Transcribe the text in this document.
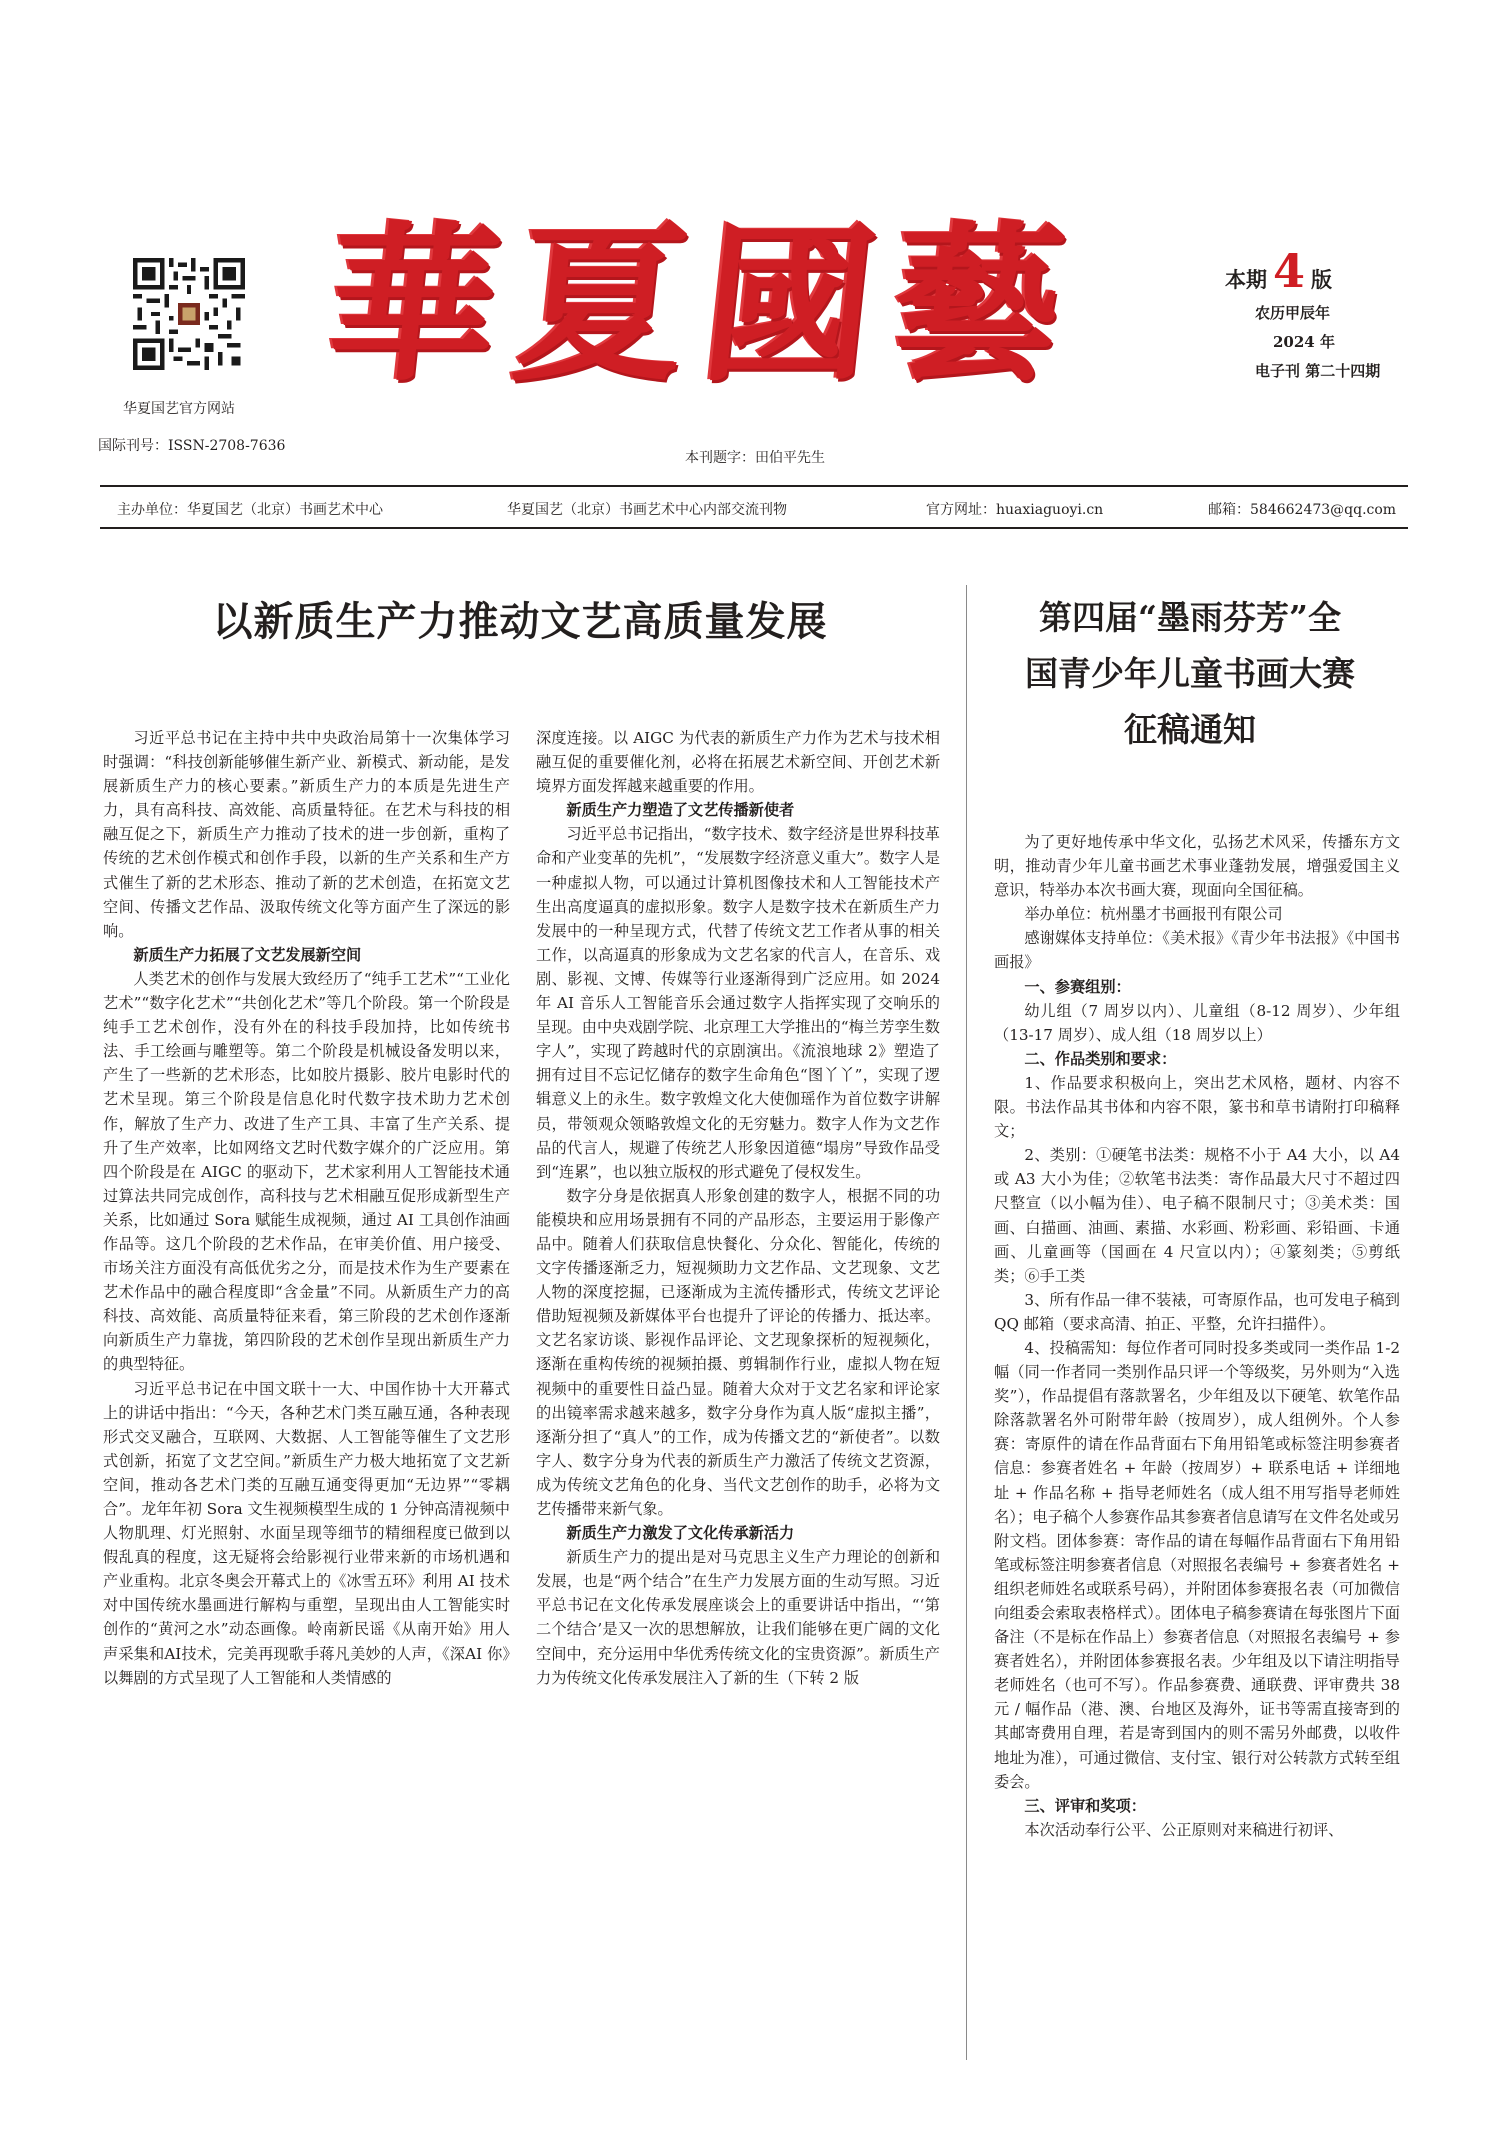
华夏国艺官方网站
国际刊号：ISSN-2708-7636
華夏國藝
本刊题字：田伯平先生
本期 4 版
农历甲辰年
2024 年
电子刊 第二十四期
主办单位：华夏国艺（北京）书画艺术中心	华夏国艺（北京）书画艺术中心内部交流刊物	官方网址：huaxiaguoyi.cn	邮箱：584662473@qq.com
以新质生产力推动文艺高质量发展

习近平总书记在主持中共中央政治局第十一次集体学习时强调：“科技创新能够催生新产业、新模式、新动能，是发展新质生产力的核心要素。”新质生产力的本质是先进生产力，具有高科技、高效能、高质量特征。在艺术与科技的相融互促之下，新质生产力推动了技术的进一步创新，重构了传统的艺术创作模式和创作手段，以新的生产关系和生产方式催生了新的艺术形态、推动了新的艺术创造，在拓宽文艺空间、传播文艺作品、汲取传统文化等方面产生了深远的影响。

新质生产力拓展了文艺发展新空间

人类艺术的创作与发展大致经历了“纯手工艺术”“工业化艺术”“数字化艺术”“共创化艺术”等几个阶段。第一个阶段是纯手工艺术创作，没有外在的科技手段加持，比如传统书法、手工绘画与雕塑等。第二个阶段是机械设备发明以来，产生了一些新的艺术形态，比如胶片摄影、胶片电影时代的艺术呈现。第三个阶段是信息化时代数字技术助力艺术创作，解放了生产力、改进了生产工具、丰富了生产关系、提升了生产效率，比如网络文艺时代数字媒介的广泛应用。第四个阶段是在 AIGC 的驱动下，艺术家利用人工智能技术通过算法共同完成创作，高科技与艺术相融互促形成新型生产关系，比如通过 Sora 赋能生成视频，通过 AI 工具创作油画作品等。这几个阶段的艺术作品，在审美价值、用户接受、市场关注方面没有高低优劣之分，而是技术作为生产要素在艺术作品中的融合程度即“含金量”不同。从新质生产力的高科技、高效能、高质量特征来看，第三阶段的艺术创作逐渐向新质生产力靠拢，第四阶段的艺术创作呈现出新质生产力的典型特征。

习近平总书记在中国文联十一大、中国作协十大开幕式上的讲话中指出：“今天，各种艺术门类互融互通，各种表现形式交叉融合，互联网、大数据、人工智能等催生了文艺形式创新，拓宽了文艺空间。”新质生产力极大地拓宽了文艺新空间，推动各艺术门类的互融互通变得更加“无边界”“零耦合”。龙年年初 Sora 文生视频模型生成的 1 分钟高清视频中人物肌理、灯光照射、水面呈现等细节的精细程度已做到以假乱真的程度，这无疑将会给影视行业带来新的市场机遇和产业重构。北京冬奥会开幕式上的《冰雪五环》利用 AI 技术对中国传统水墨画进行解构与重塑，呈现出由人工智能实时创作的“黄河之水”动态画像。岭南新民谣《从南开始》用人声采集和AI技术，完美再现歌手蒋凡美妙的人声，《深AI 你》以舞剧的方式呈现了人工智能和人类情感的

深度连接。以 AIGC 为代表的新质生产力作为艺术与技术相融互促的重要催化剂，必将在拓展艺术新空间、开创艺术新境界方面发挥越来越重要的作用。

新质生产力塑造了文艺传播新使者

习近平总书记指出，“数字技术、数字经济是世界科技革命和产业变革的先机”，“发展数字经济意义重大”。数字人是一种虚拟人物，可以通过计算机图像技术和人工智能技术产生出高度逼真的虚拟形象。数字人是数字技术在新质生产力发展中的一种呈现方式，代替了传统文艺工作者从事的相关工作，以高逼真的形象成为文艺名家的代言人，在音乐、戏剧、影视、文博、传媒等行业逐渐得到广泛应用。如 2024 年 AI 音乐人工智能音乐会通过数字人指挥实现了交响乐的呈现。由中央戏剧学院、北京理工大学推出的“梅兰芳孪生数字人”，实现了跨越时代的京剧演出。《流浪地球 2》塑造了拥有过目不忘记忆储存的数字生命角色“图丫丫”，实现了逻辑意义上的永生。数字敦煌文化大使伽瑶作为首位数字讲解员，带领观众领略敦煌文化的无穷魅力。数字人作为文艺作品的代言人，规避了传统艺人形象因道德“塌房”导致作品受到“连累”，也以独立版权的形式避免了侵权发生。

数字分身是依据真人形象创建的数字人，根据不同的功能模块和应用场景拥有不同的产品形态，主要运用于影像产品中。随着人们获取信息快餐化、分众化、智能化，传统的文字传播逐渐乏力，短视频助力文艺作品、文艺现象、文艺人物的深度挖掘，已逐渐成为主流传播形式，传统文艺评论借助短视频及新媒体平台也提升了评论的传播力、抵达率。文艺名家访谈、影视作品评论、文艺现象探析的短视频化，逐渐在重构传统的视频拍摄、剪辑制作行业，虚拟人物在短视频中的重要性日益凸显。随着大众对于文艺名家和评论家的出镜率需求越来越多，数字分身作为真人版“虚拟主播”，逐渐分担了“真人”的工作，成为传播文艺的“新使者”。以数字人、数字分身为代表的新质生产力激活了传统文艺资源，成为传统文艺角色的化身、当代文艺创作的助手，必将为文艺传播带来新气象。

新质生产力激发了文化传承新活力

新质生产力的提出是对马克思主义生产力理论的创新和发展，也是“两个结合”在生产力发展方面的生动写照。习近平总书记在文化传承发展座谈会上的重要讲话中指出，“‘第二个结合’是又一次的思想解放，让我们能够在更广阔的文化空间中，充分运用中华优秀传统文化的宝贵资源”。新质生产力为传统文化传承发展注入了新的生（下转 2 版

第四届“墨雨芬芳”全
国青少年儿童书画大赛
征稿通知

为了更好地传承中华文化，弘扬艺术风采，传播东方文明，推动青少年儿童书画艺术事业蓬勃发展，增强爱国主义意识，特举办本次书画大赛，现面向全国征稿。

举办单位：杭州墨才书画报刊有限公司

感谢媒体支持单位：《美术报》《青少年书法报》《中国书画报》

一、参赛组别：

幼儿组（7 周岁以内）、儿童组（8-12 周岁）、少年组（13-17 周岁）、成人组（18 周岁以上）

二、作品类别和要求：

1、作品要求积极向上，突出艺术风格，题材、内容不限。书法作品其书体和内容不限，篆书和草书请附打印稿释文；

2、类别：①硬笔书法类：规格不小于 A4 大小，以 A4 或 A3 大小为佳；②软笔书法类：寄作品最大尺寸不超过四尺整宣（以小幅为佳）、电子稿不限制尺寸；③美术类：国画、白描画、油画、素描、水彩画、粉彩画、彩铅画、卡通画、儿童画等（国画在 4 尺宣以内）；④篆刻类；⑤剪纸类；⑥手工类

3、所有作品一律不装裱，可寄原作品，也可发电子稿到 QQ 邮箱（要求高清、拍正、平整，允许扫描件）。

4、投稿需知：每位作者可同时投多类或同一类作品 1-2 幅（同一作者同一类别作品只评一个等级奖，另外则为“入选奖”），作品提倡有落款署名，少年组及以下硬笔、软笔作品除落款署名外可附带年龄（按周岁），成人组例外。个人参赛：寄原件的请在作品背面右下角用铅笔或标签注明参赛者信息：参赛者姓名 + 年龄（按周岁）+ 联系电话 + 详细地址 + 作品名称 + 指导老师姓名（成人组不用写指导老师姓名）；电子稿个人参赛作品其参赛者信息请写在文件名处或另附文档。团体参赛：寄作品的请在每幅作品背面右下角用铅笔或标签注明参赛者信息（对照报名表编号 + 参赛者姓名 + 组织老师姓名或联系号码），并附团体参赛报名表（可加微信向组委会索取表格样式）。团体电子稿参赛请在每张图片下面备注（不是标在作品上）参赛者信息（对照报名表编号 + 参赛者姓名），并附团体参赛报名表。少年组及以下请注明指导老师姓名（也可不写）。作品参赛费、通联费、评审费共 38 元 / 幅作品（港、澳、台地区及海外，证书等需直接寄到的其邮寄费用自理，若是寄到国内的则不需另外邮费，以收件地址为准），可通过微信、支付宝、银行对公转款方式转至组委会。

三、评审和奖项：

本次活动奉行公平、公正原则对来稿进行初评、
